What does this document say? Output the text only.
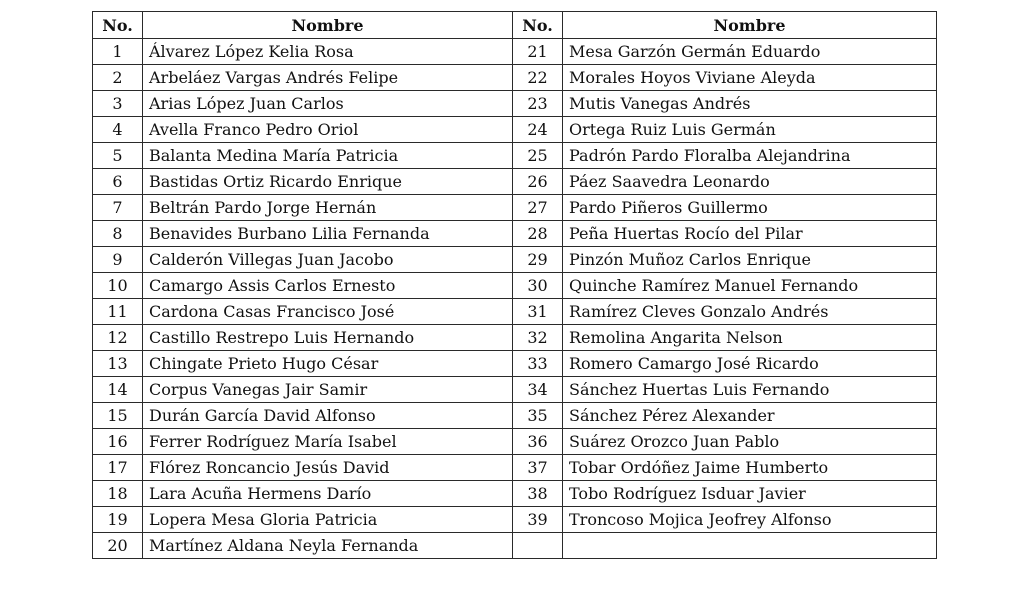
No.	Nombre	No.	Nombre
1	Álvarez López Kelia Rosa	21	Mesa Garzón Germán Eduardo
2	Arbeláez Vargas Andrés Felipe	22	Morales Hoyos Viviane Aleyda
3	Arias López Juan Carlos	23	Mutis Vanegas Andrés
4	Avella Franco Pedro Oriol	24	Ortega Ruiz Luis Germán
5	Balanta Medina María Patricia	25	Padrón Pardo Floralba Alejandrina
6	Bastidas Ortiz Ricardo Enrique	26	Páez Saavedra Leonardo
7	Beltrán Pardo Jorge Hernán	27	Pardo Piñeros Guillermo
8	Benavides Burbano Lilia Fernanda	28	Peña Huertas Rocío del Pilar
9	Calderón Villegas Juan Jacobo	29	Pinzón Muñoz Carlos Enrique
10	Camargo Assis Carlos Ernesto	30	Quinche Ramírez Manuel Fernando
11	Cardona Casas Francisco José	31	Ramírez Cleves Gonzalo Andrés
12	Castillo Restrepo Luis Hernando	32	Remolina Angarita Nelson
13	Chingate Prieto Hugo César	33	Romero Camargo José Ricardo
14	Corpus Vanegas Jair Samir	34	Sánchez Huertas Luis Fernando
15	Durán García David Alfonso	35	Sánchez Pérez Alexander
16	Ferrer Rodríguez María Isabel	36	Suárez Orozco Juan Pablo
17	Flórez Roncancio Jesús David	37	Tobar Ordóñez Jaime Humberto
18	Lara Acuña Hermens Darío	38	Tobo Rodríguez Isduar Javier
19	Lopera Mesa Gloria Patricia	39	Troncoso Mojica Jeofrey Alfonso
20	Martínez Aldana Neyla Fernanda		
